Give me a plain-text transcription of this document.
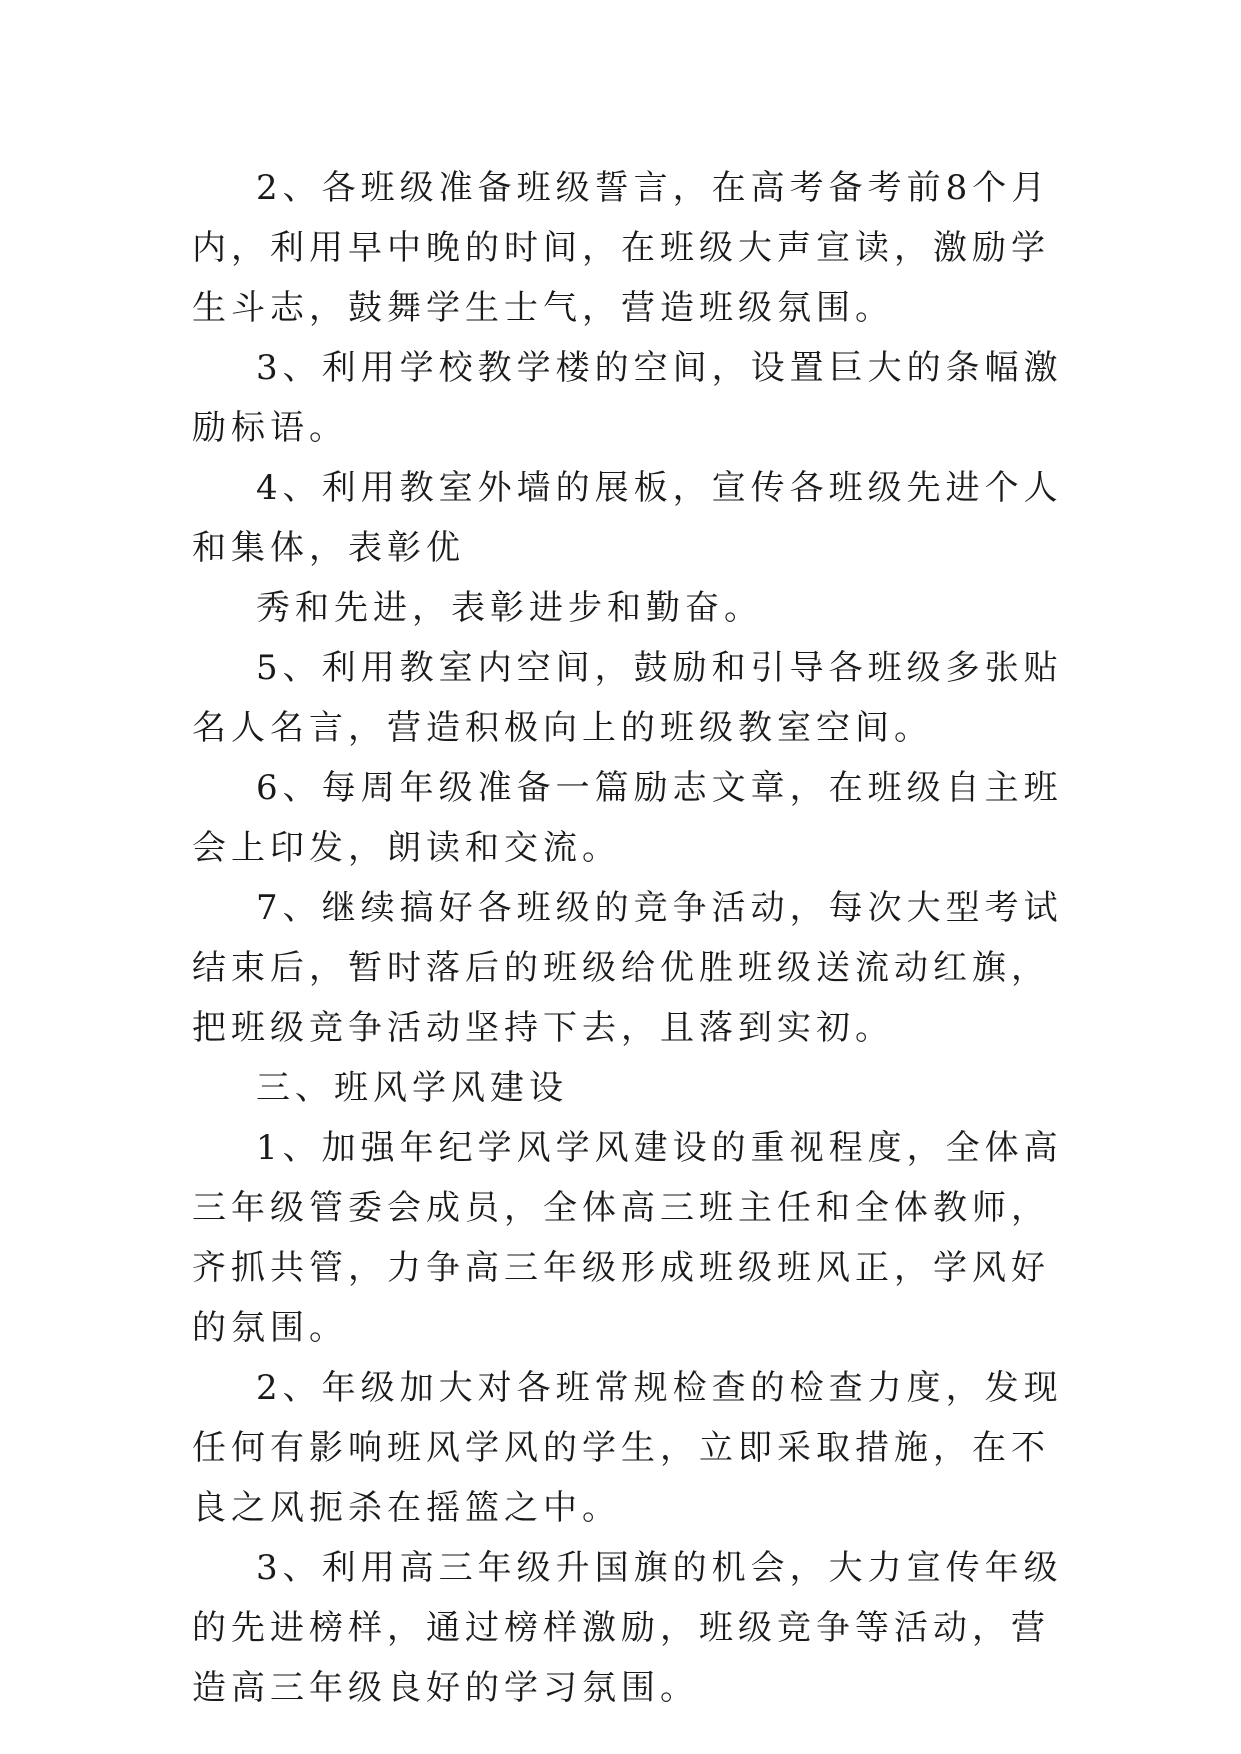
2、各班级准备班级誓言，在高考备考前8个月内，利用早中晚的时间，在班级大声宣读，激励学生斗志，鼓舞学生士气，营造班级氛围。

3、利用学校教学楼的空间，设置巨大的条幅激励标语。

4、利用教室外墙的展板，宣传各班级先进个人和集体，表彰优

秀和先进，表彰进步和勤奋。

5、利用教室内空间，鼓励和引导各班级多张贴名人名言，营造积极向上的班级教室空间。

6、每周年级准备一篇励志文章，在班级自主班会上印发，朗读和交流。

7、继续搞好各班级的竞争活动，每次大型考试结束后，暂时落后的班级给优胜班级送流动红旗，把班级竞争活动坚持下去，且落到实初。

三、班风学风建设

1、加强年纪学风学风建设的重视程度，全体高三年级管委会成员，全体高三班主任和全体教师，齐抓共管，力争高三年级形成班级班风正，学风好的氛围。

2、年级加大对各班常规检查的检查力度，发现任何有影响班风学风的学生，立即采取措施，在不良之风扼杀在摇篮之中。

3、利用高三年级升国旗的机会，大力宣传年级的先进榜样，通过榜样激励，班级竞争等活动，营造高三年级良好的学习氛围。
